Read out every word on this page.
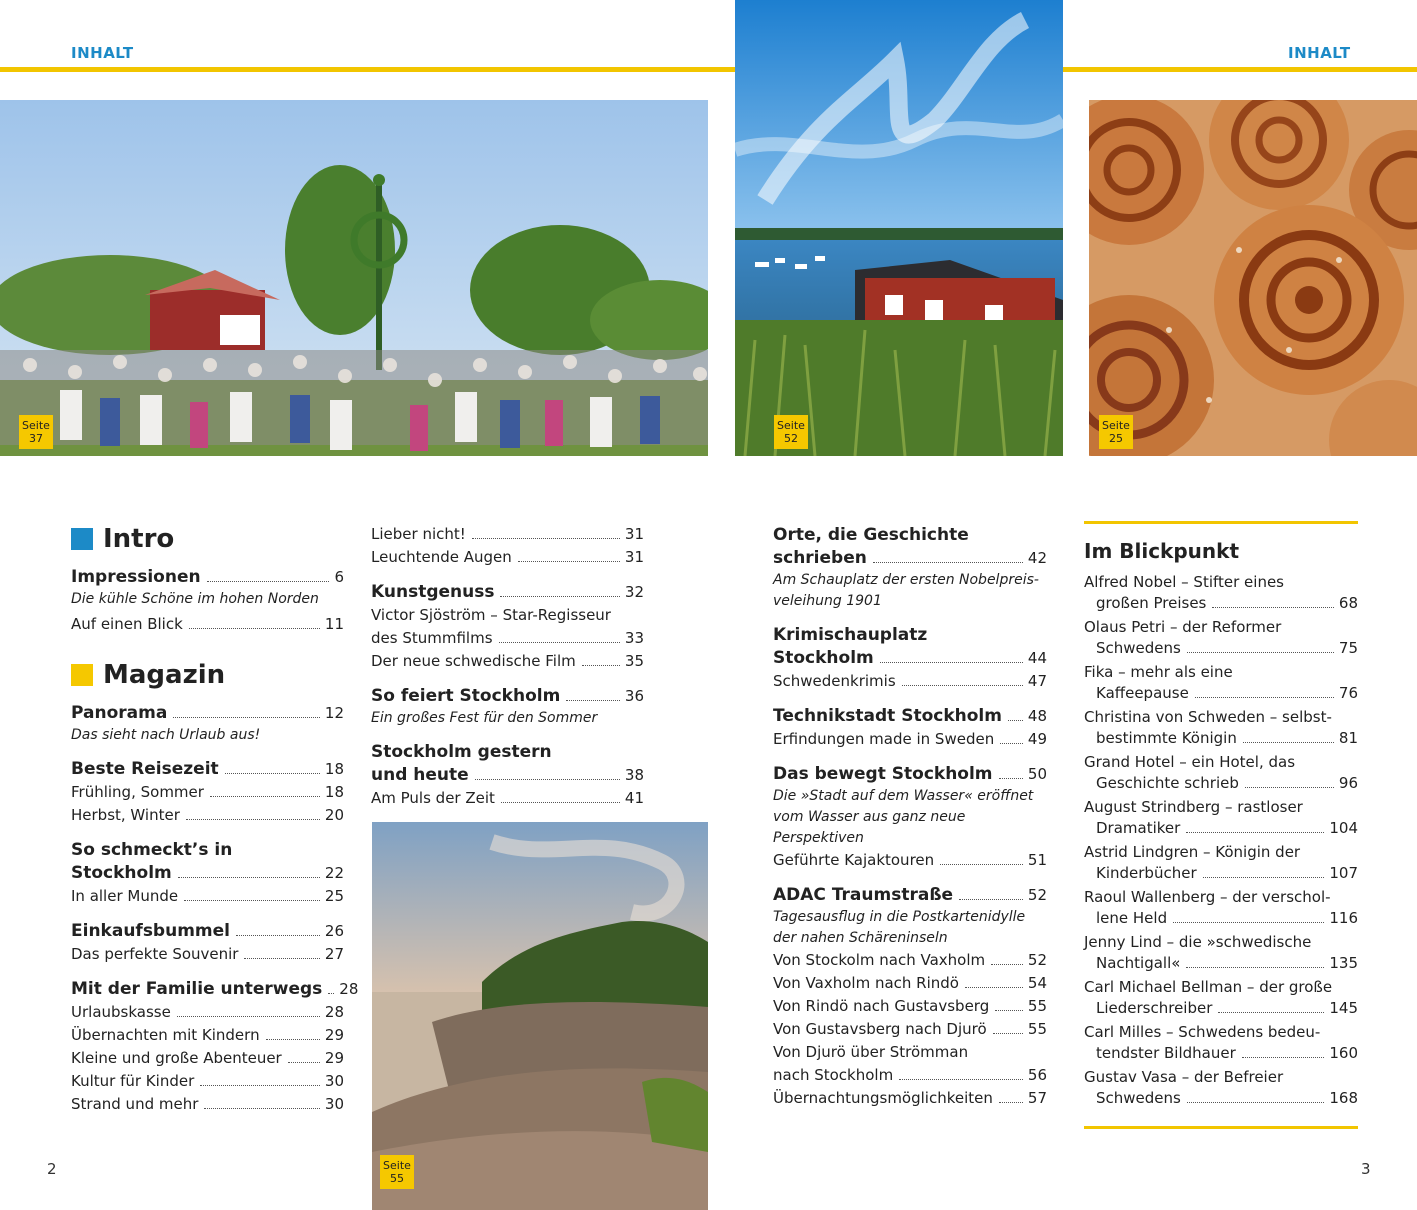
INHALT	INHALT
Seite
37
Seite
52
Seite
25
Seite
55
Intro
Impressionen	6
Die kühle Schöne im hohen Norden
Auf einen Blick	11
Magazin
Panorama	12
Das sieht nach Urlaub aus!
Beste Reisezeit	18
Frühling, Sommer	18
Herbst, Winter	20
So schmeckt’s in
Stockholm	22
In aller Munde	25
Einkaufsbummel	26
Das perfekte Souvenir	27
Mit der Familie unterwegs 28
Urlaubskasse	28
Übernachten mit Kindern	29
Kleine und große Abenteuer	29
Kultur für Kinder	30
Strand und mehr	30
Lieber nicht!	31
Leuchtende Augen	31
Kunstgenuss	32
Victor Sjöström – Star-Regisseur
des Stummfilms	33
Der neue schwedische Film	35
So feiert Stockholm	36
Ein großes Fest für den Sommer
Stockholm gestern
und heute	38
Am Puls der Zeit	41
Orte, die Geschichte
schrieben	42
Am Schauplatz der ersten Nobelpreis-veleihung 1901
Krimischauplatz
Stockholm	44
Schwedenkrimis	47
Technikstadt Stockholm 48
Erfindungen made in Sweden 49
Das bewegt Stockholm 50
Die »Stadt auf dem Wasser« eröffnet vom Wasser aus ganz neue Perspektiven
Geführte Kajaktouren	51
ADAC Traumstraße	52
Tagesausflug in die Postkartenidylle der nahen Schäreninseln
Von Stockolm nach Vaxholm	52
Von Vaxholm nach Rindö	54
Von Rindö nach Gustavsberg	55
Von Gustavsberg nach Djurö	55
Von Djurö über Strömman
nach Stockholm	56
Übernachtungsmöglichkeiten 57
Im Blickpunkt
Alfred Nobel – Stifter eines
großen Preises	68
Olaus Petri – der Reformer
Schwedens	75
Fika – mehr als eine
Kaffeepause	76
Christina von Schweden – selbst-
bestimmte Königin	81
Grand Hotel – ein Hotel, das
Geschichte schrieb	96
August Strindberg – rastloser
Dramatiker	104
Astrid Lindgren – Königin der
Kinderbücher	107
Raoul Wallenberg – der verschol-
lene Held	116
Jenny Lind – die »schwedische
Nachtigall«	135
Carl Michael Bellman – der große
Liederschreiber	145
Carl Milles – Schwedens bedeu-
tendster Bildhauer	160
Gustav Vasa – der Befreier
Schwedens	168
2	3
